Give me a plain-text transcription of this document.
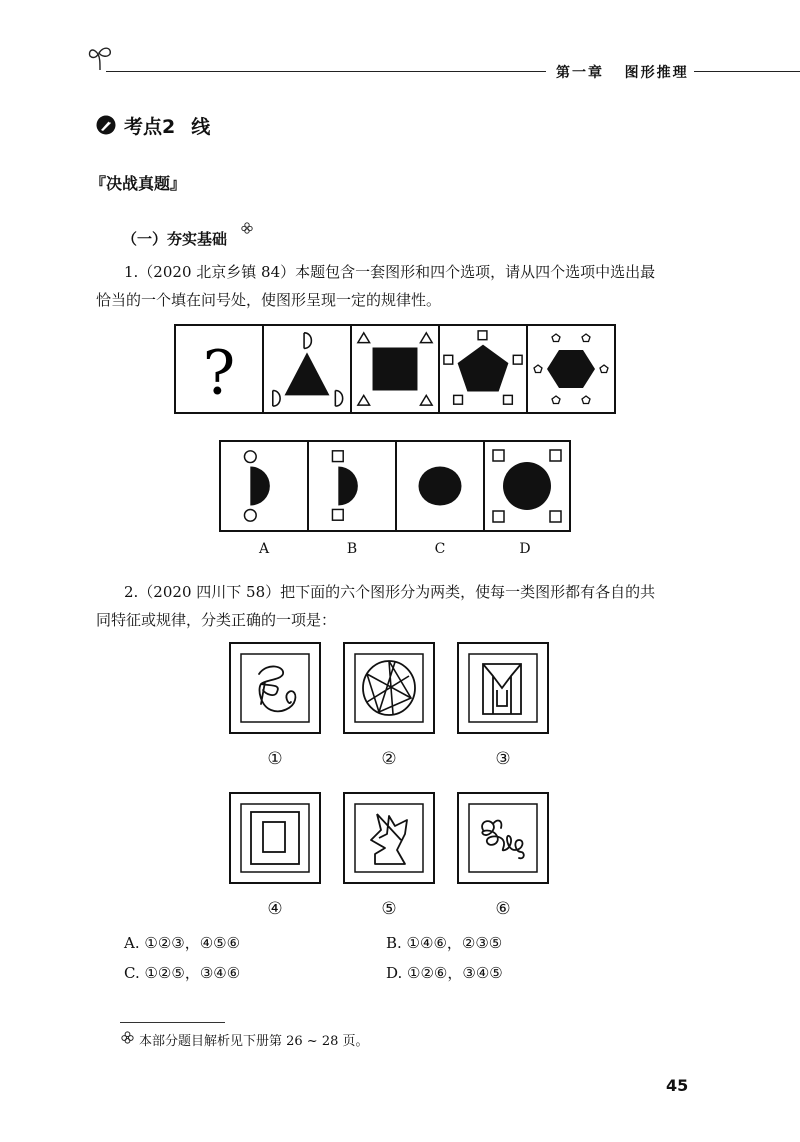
第一章 图形推理
考点2 线
『决战真题』
（一）夯实基础
1.（2020 北京乡镇 84）本题包含一套图形和四个选项，请从四个选项中选出最
恰当的一个填在问号处，使图形呈现一定的规律性。
?
A	B	C	D
2.（2020 四川下 58）把下面的六个图形分为两类，使每一类图形都有各自的共
同特征或规律，分类正确的一项是：
①	②	③
④	⑤	⑥
A. ①②③，④⑤⑥	B. ①④⑥，②③⑤
C. ①②⑤，③④⑥	D. ①②⑥，③④⑤
本部分题目解析见下册第 26 ~ 28 页。
45
